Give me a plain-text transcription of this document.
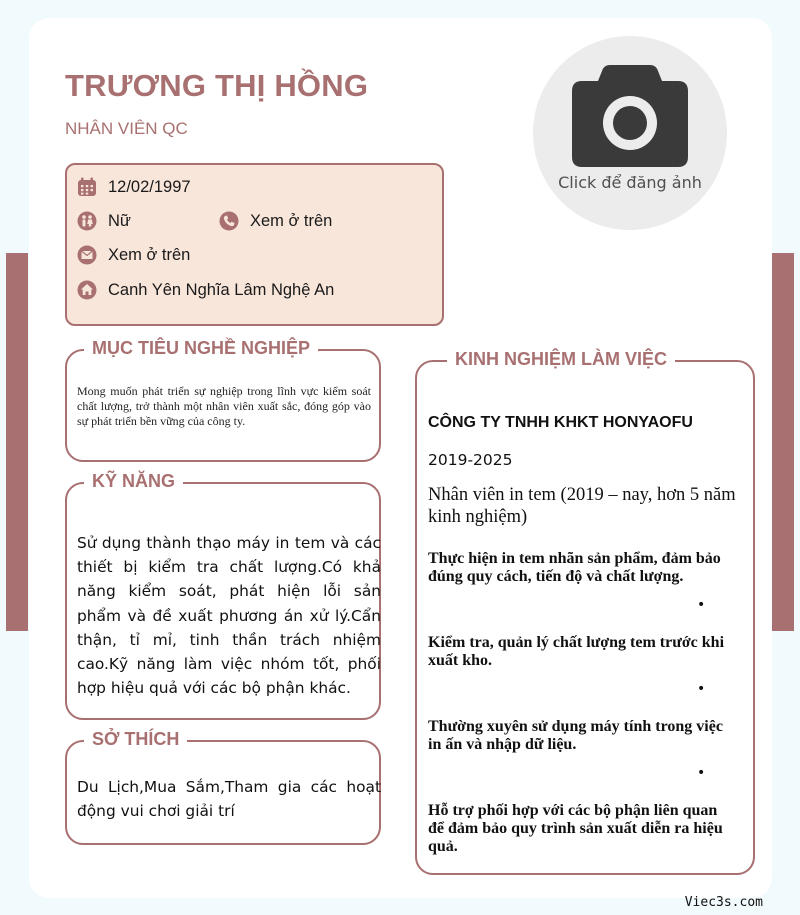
TRƯƠNG THỊ HỒNG
NHÂN VIÊN QC
Click để đăng ảnh
12/02/1997
Nữ	Xem ở trên
Xem ở trên
Canh Yên Nghĩa Lâm Nghệ An
MỤC TIÊU NGHỀ NGHIỆP
Mong muốn phát triển sự nghiệp trong lĩnh vực kiểm soát chất lượng, trở thành một nhân viên xuất sắc, đóng góp vào sự phát triển bền vững của công ty.
KỸ NĂNG
Sử dụng thành thạo máy in tem và các thiết bị kiểm tra chất lượng.Có khả năng kiểm soát, phát hiện lỗi sản phẩm và đề xuất phương án xử lý.Cẩn thận, tỉ mỉ, tinh thần trách nhiệm cao.Kỹ năng làm việc nhóm tốt, phối hợp hiệu quả với các bộ phận khác.
SỞ THÍCH
Du Lịch,Mua Sắm,Tham gia các hoạt động vui chơi giải trí
KINH NGHIỆM LÀM VIỆC
CÔNG TY TNHH KHKT HONYAOFU
2019-2025
Nhân viên in tem (2019 – nay, hơn 5 năm kinh nghiệm)
Thực hiện in tem nhãn sản phẩm, đảm bảo đúng quy cách, tiến độ và chất lượng.
•
Kiểm tra, quản lý chất lượng tem trước khi xuất kho.
•
Thường xuyên sử dụng máy tính trong việc in ấn và nhập dữ liệu.
•
Hỗ trợ phối hợp với các bộ phận liên quan để đảm bảo quy trình sản xuất diễn ra hiệu quả.
Viec3s.com
